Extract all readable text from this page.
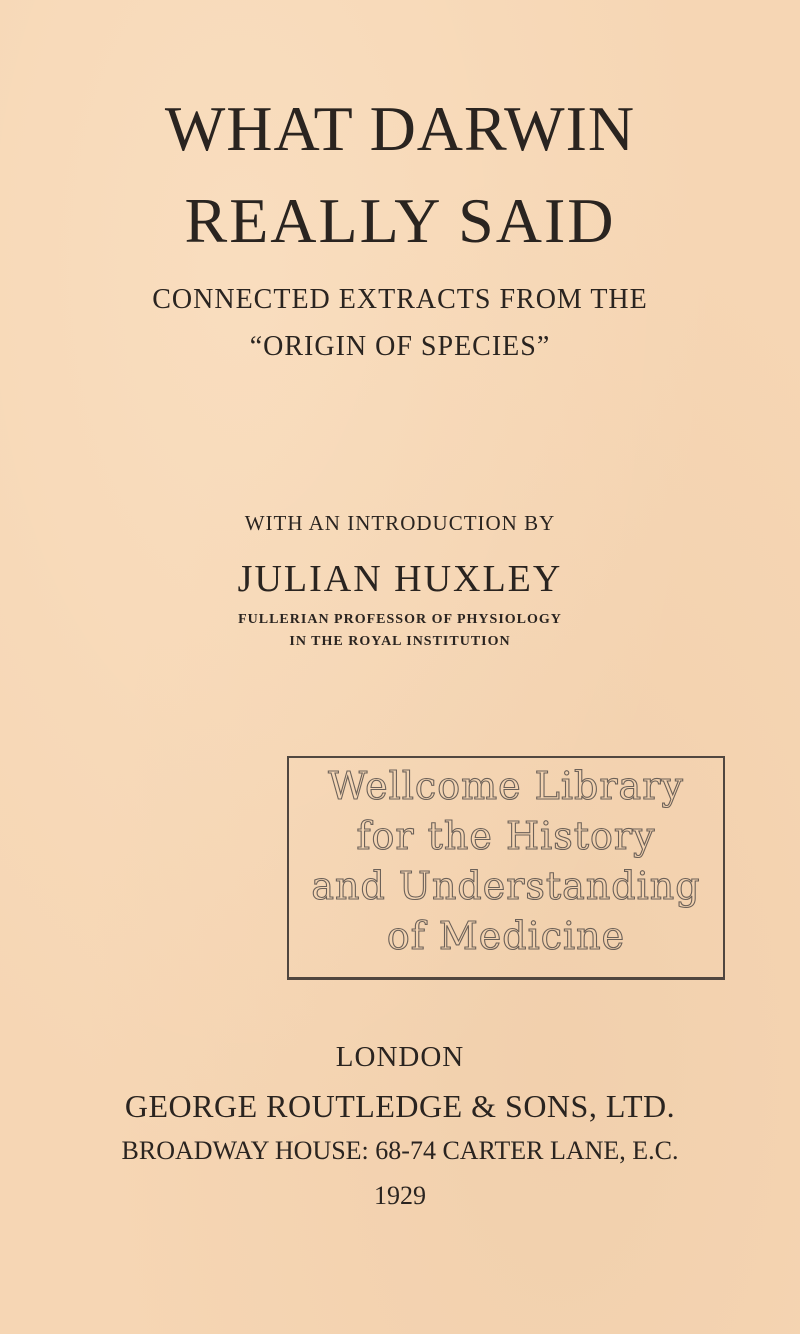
WHAT DARWIN
REALLY SAID
CONNECTED EXTRACTS FROM THE
“ORIGIN OF SPECIES”
WITH AN INTRODUCTION BY
JULIAN HUXLEY
FULLERIAN PROFESSOR OF PHYSIOLOGY
IN THE ROYAL INSTITUTION
Wellcome Library
for the History
and Understanding
of Medicine
LONDON
GEORGE ROUTLEDGE & SONS, LTD.
BROADWAY HOUSE: 68-74 CARTER LANE, E.C.
1929
